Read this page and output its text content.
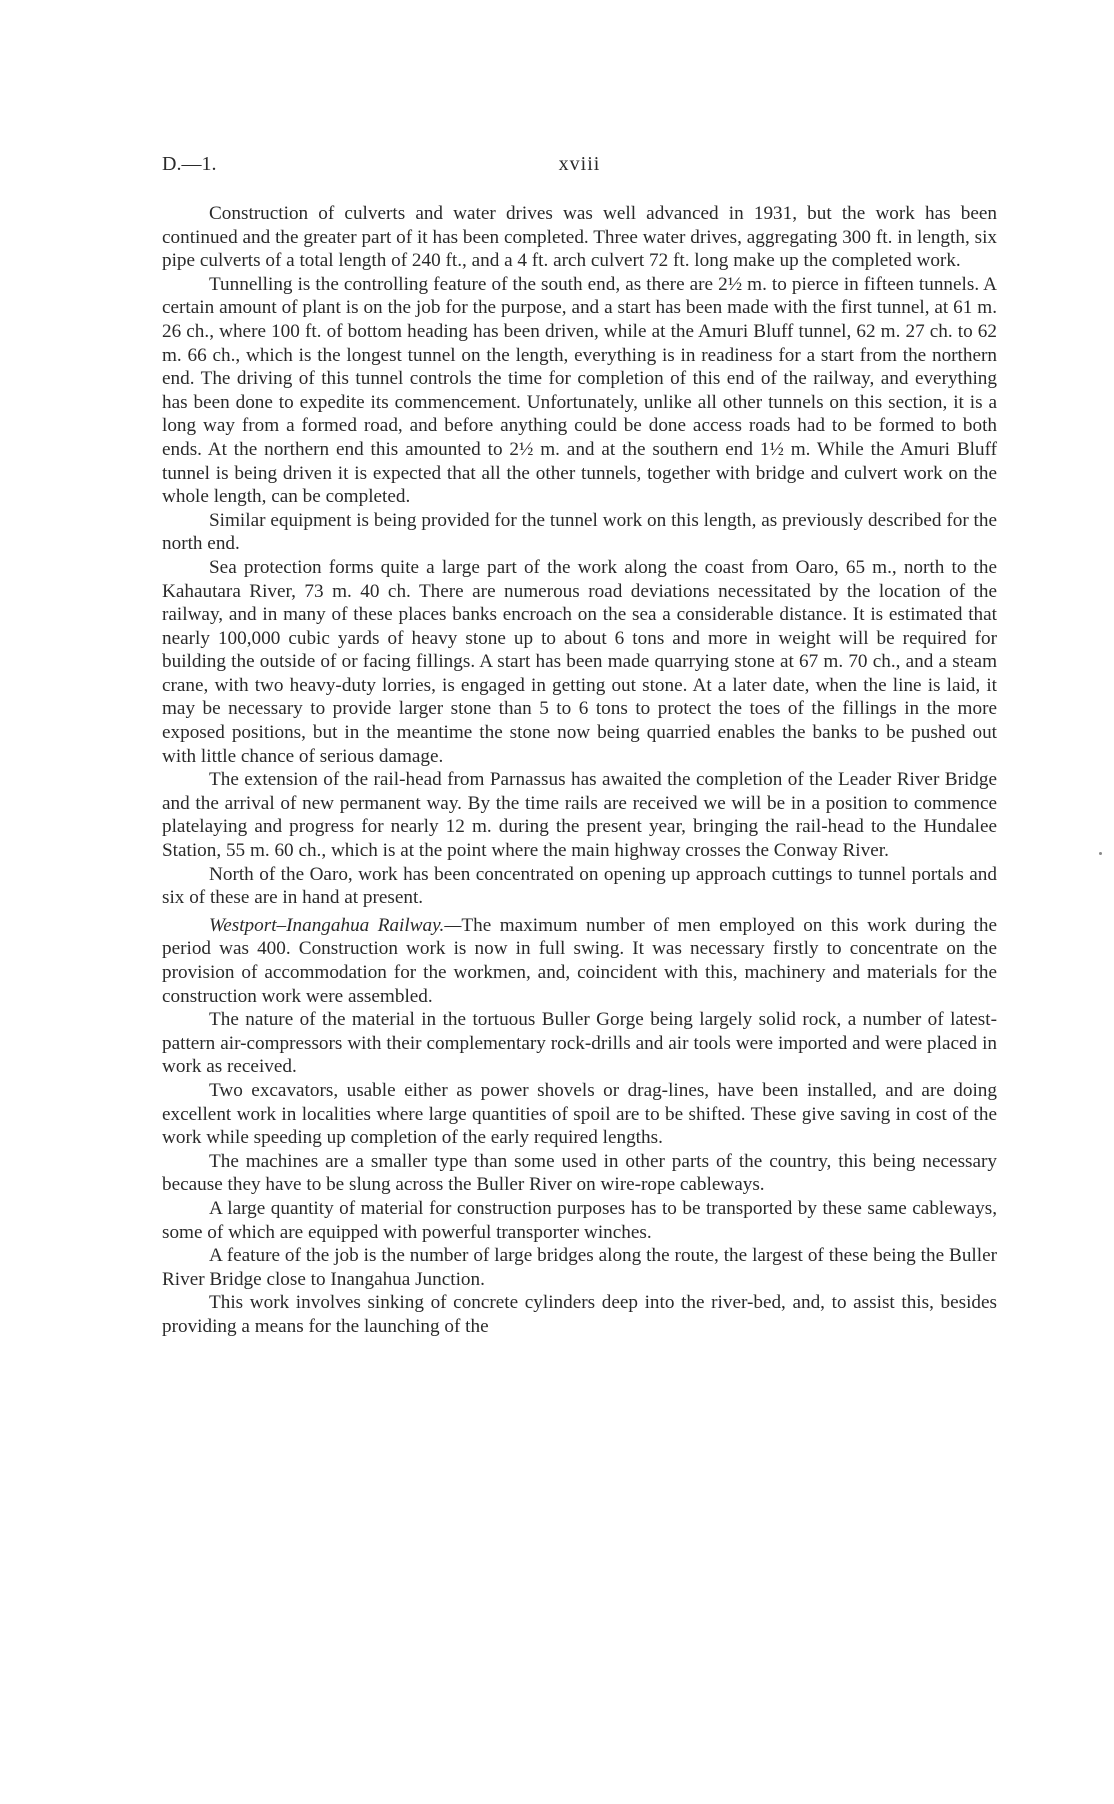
D.—1.	xviii

Construction of culverts and water drives was well advanced in 1931, but the work has been continued and the greater part of it has been completed. Three water drives, aggregating 300 ft. in length, six pipe culverts of a total length of 240 ft., and a 4 ft. arch culvert 72 ft. long make up the completed work.

Tunnelling is the controlling feature of the south end, as there are 2½ m. to pierce in fifteen tunnels. A certain amount of plant is on the job for the purpose, and a start has been made with the first tunnel, at 61 m. 26 ch., where 100 ft. of bottom heading has been driven, while at the Amuri Bluff tunnel, 62 m. 27 ch. to 62 m. 66 ch., which is the longest tunnel on the length, everything is in readiness for a start from the northern end. The driving of this tunnel controls the time for completion of this end of the railway, and everything has been done to expedite its commencement. Unfortunately, unlike all other tunnels on this section, it is a long way from a formed road, and before anything could be done access roads had to be formed to both ends. At the northern end this amounted to 2½ m. and at the southern end 1½ m. While the Amuri Bluff tunnel is being driven it is expected that all the other tunnels, together with bridge and culvert work on the whole length, can be completed.

Similar equipment is being provided for the tunnel work on this length, as previously described for the north end.

Sea protection forms quite a large part of the work along the coast from Oaro, 65 m., north to the Kahautara River, 73 m. 40 ch. There are numerous road deviations necessitated by the location of the railway, and in many of these places banks encroach on the sea a considerable distance. It is estimated that nearly 100,000 cubic yards of heavy stone up to about 6 tons and more in weight will be required for building the outside of or facing fillings. A start has been made quarrying stone at 67 m. 70 ch., and a steam crane, with two heavy-duty lorries, is engaged in getting out stone. At a later date, when the line is laid, it may be necessary to provide larger stone than 5 to 6 tons to protect the toes of the fillings in the more exposed positions, but in the meantime the stone now being quarried enables the banks to be pushed out with little chance of serious damage.

The extension of the rail-head from Parnassus has awaited the completion of the Leader River Bridge and the arrival of new permanent way. By the time rails are received we will be in a position to commence platelaying and progress for nearly 12 m. during the present year, bringing the rail-head to the Hundalee Station, 55 m. 60 ch., which is at the point where the main highway crosses the Conway River.

North of the Oaro, work has been concentrated on opening up approach cuttings to tunnel portals and six of these are in hand at present.

Westport–Inangahua Railway.—The maximum number of men employed on this work during the period was 400. Construction work is now in full swing. It was necessary firstly to concentrate on the provision of accommodation for the workmen, and, coincident with this, machinery and materials for the construction work were assembled.

The nature of the material in the tortuous Buller Gorge being largely solid rock, a number of latest-pattern air-compressors with their complementary rock-drills and air tools were imported and were placed in work as received.

Two excavators, usable either as power shovels or drag-lines, have been installed, and are doing excellent work in localities where large quantities of spoil are to be shifted. These give saving in cost of the work while speeding up completion of the early required lengths.

The machines are a smaller type than some used in other parts of the country, this being necessary because they have to be slung across the Buller River on wire-rope cableways.

A large quantity of material for construction purposes has to be transported by these same cableways, some of which are equipped with powerful transporter winches.

A feature of the job is the number of large bridges along the route, the largest of these being the Buller River Bridge close to Inangahua Junction.

This work involves sinking of concrete cylinders deep into the river-bed, and, to assist this, besides providing a means for the launching of the
